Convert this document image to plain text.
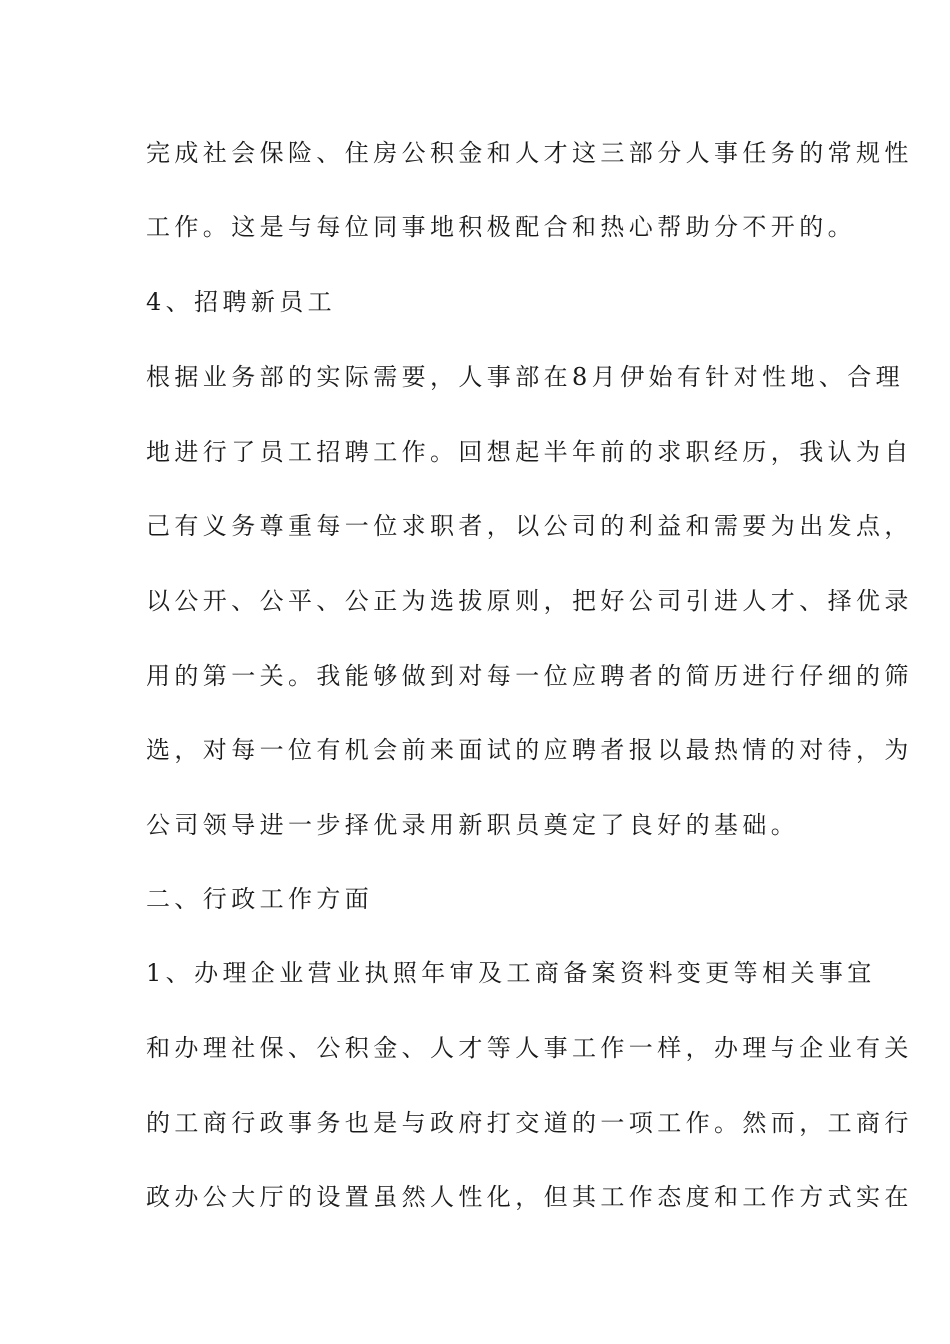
完成社会保险、住房公积金和人才这三部分人事任务的常规性
工作。这是与每位同事地积极配合和热心帮助分不开的。
4、招聘新员工
根据业务部的实际需要，人事部在8月伊始有针对性地、合理
地进行了员工招聘工作。回想起半年前的求职经历，我认为自
己有义务尊重每一位求职者，以公司的利益和需要为出发点，
以公开、公平、公正为选拔原则，把好公司引进人才、择优录
用的第一关。我能够做到对每一位应聘者的简历进行仔细的筛
选，对每一位有机会前来面试的应聘者报以最热情的对待，为
公司领导进一步择优录用新职员奠定了良好的基础。
二、行政工作方面
1、办理企业营业执照年审及工商备案资料变更等相关事宜
和办理社保、公积金、人才等人事工作一样，办理与企业有关
的工商行政事务也是与政府打交道的一项工作。然而，工商行
政办公大厅的设置虽然人性化，但其工作态度和工作方式实在
